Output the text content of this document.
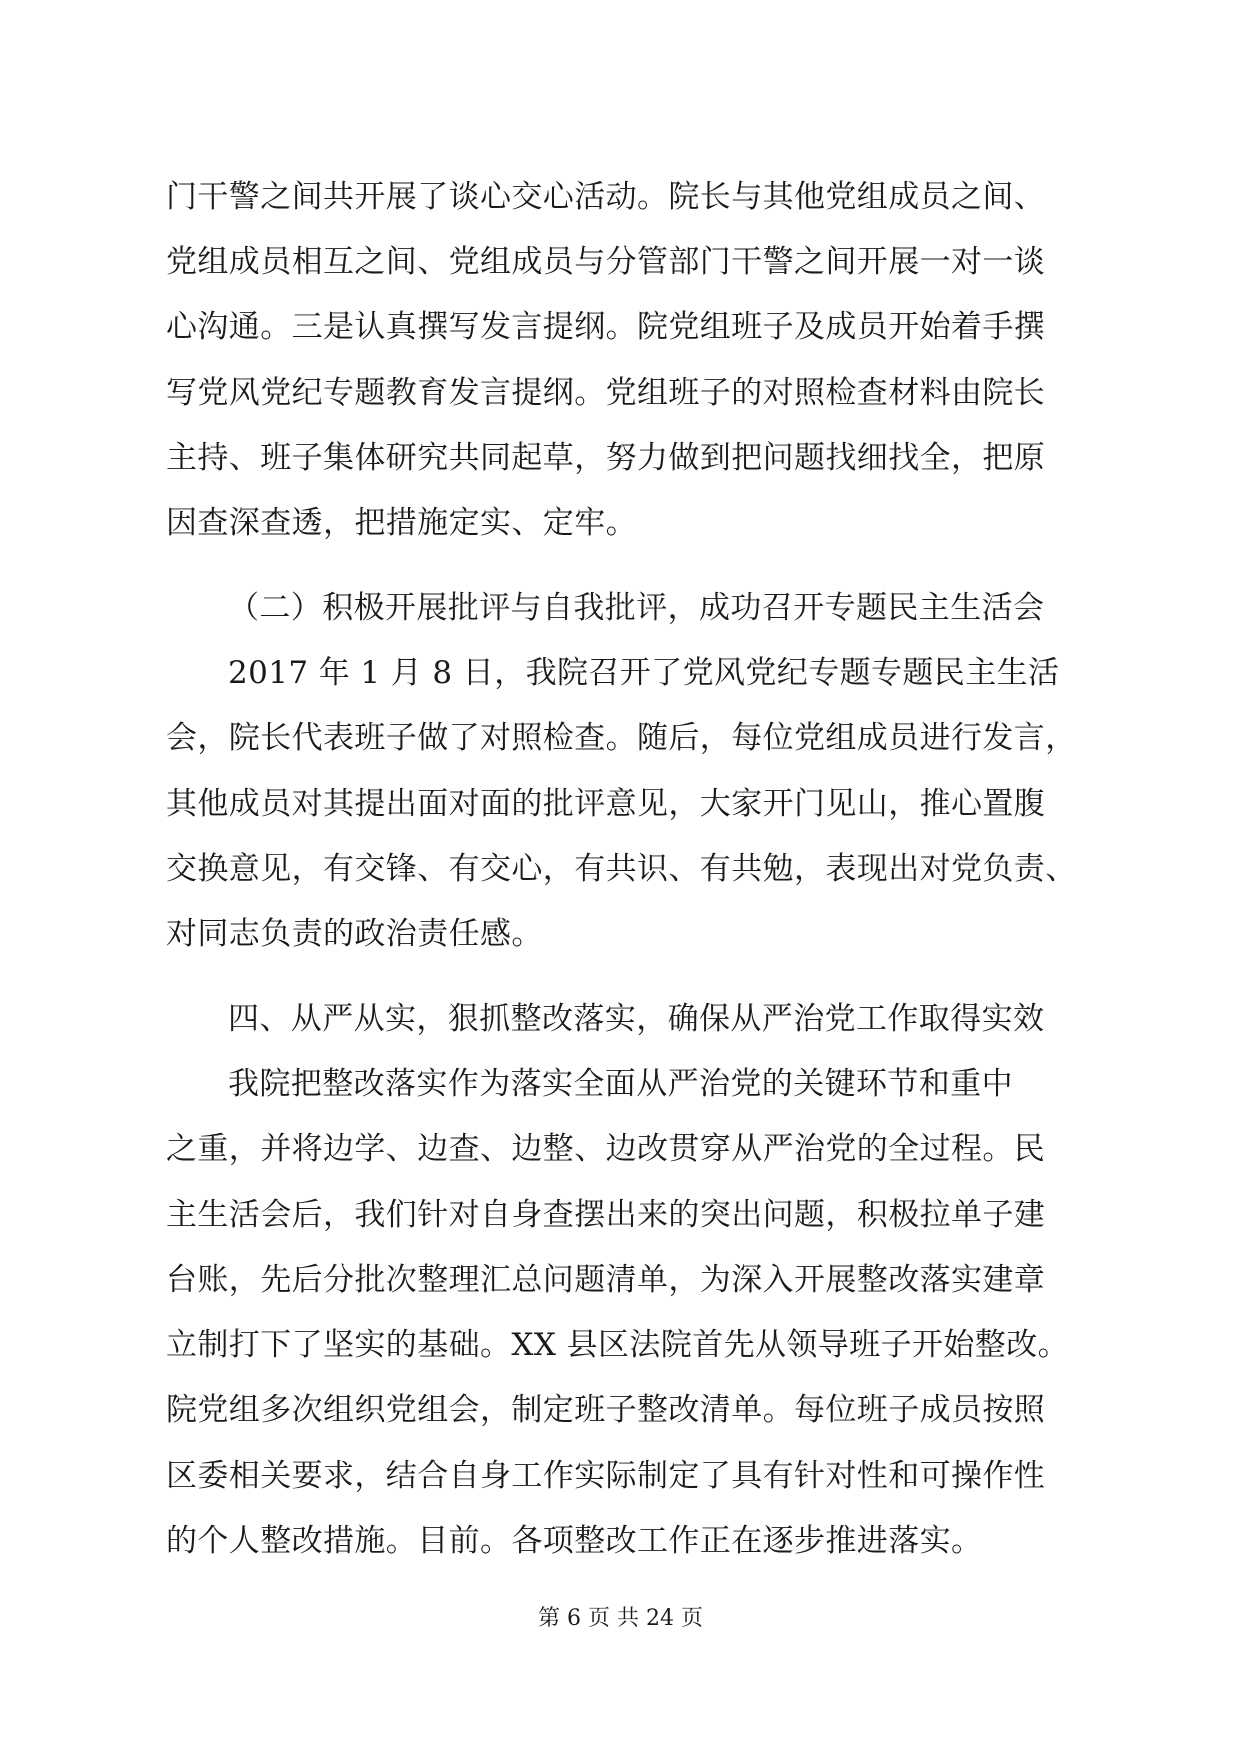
门干警之间共开展了谈心交心活动。院长与其他党组成员之间、
党组成员相互之间、党组成员与分管部门干警之间开展一对一谈
心沟通。三是认真撰写发言提纲。院党组班子及成员开始着手撰
写党风党纪专题教育发言提纲。党组班子的对照检查材料由院长
主持、班子集体研究共同起草，努力做到把问题找细找全，把原
因查深查透，把措施定实、定牢。
（二）积极开展批评与自我批评，成功召开专题民主生活会
2017 年 1 月 8 日，我院召开了党风党纪专题专题民主生活
会，院长代表班子做了对照检查。随后，每位党组成员进行发言，
其他成员对其提出面对面的批评意见，大家开门见山，推心置腹
交换意见，有交锋、有交心，有共识、有共勉，表现出对党负责、
对同志负责的政治责任感。
四、从严从实，狠抓整改落实，确保从严治党工作取得实效
我院把整改落实作为落实全面从严治党的关键环节和重中
之重，并将边学、边查、边整、边改贯穿从严治党的全过程。民
主生活会后，我们针对自身查摆出来的突出问题，积极拉单子建
台账，先后分批次整理汇总问题清单，为深入开展整改落实建章
立制打下了坚实的基础。XX 县区法院首先从领导班子开始整改。
院党组多次组织党组会，制定班子整改清单。每位班子成员按照
区委相关要求，结合自身工作实际制定了具有针对性和可操作性
的个人整改措施。目前。各项整改工作正在逐步推进落实。
第 6 页 共 24 页
